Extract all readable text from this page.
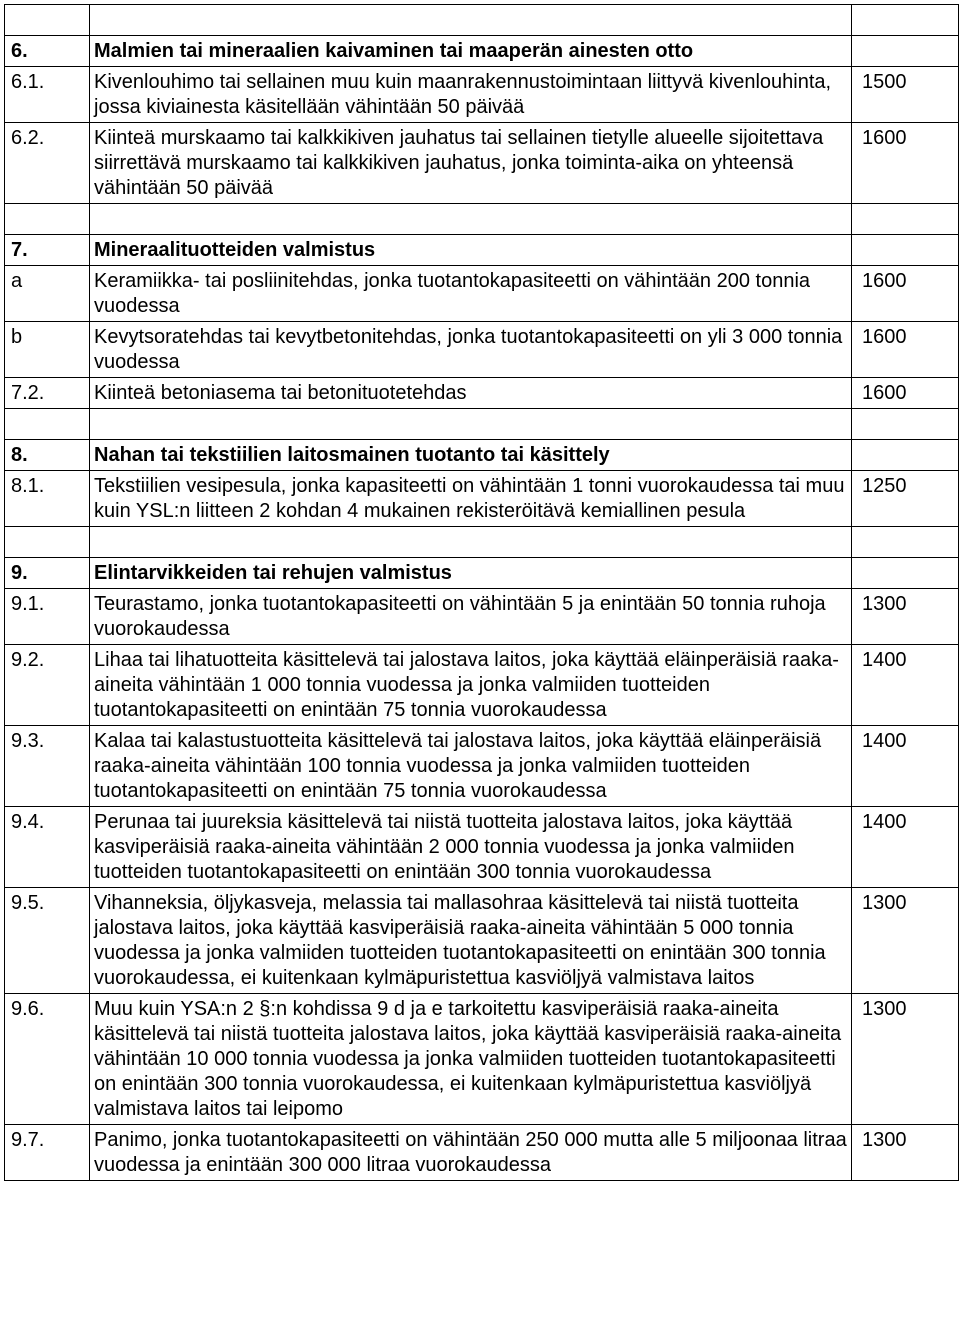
6.	Malmien tai mineraalien kaivaminen tai maaperän ainesten otto	
6.1.	Kivenlouhimo tai sellainen muu kuin maanrakennustoimintaan liittyvä kivenlouhinta, jossa kiviainesta käsitellään vähintään 50 päivää	1500
6.2.	Kiinteä murskaamo tai kalkkikiven jauhatus tai sellainen tietylle alueelle sijoitettava siirrettävä murskaamo tai kalkkikiven jauhatus, jonka toiminta-aika on yhteensä vähintään 50 päivää	1600

7.	Mineraalituotteiden valmistus	
a	Keramiikka- tai posliinitehdas, jonka tuotantokapasiteetti on vähintään 200 tonnia vuodessa	1600
b	Kevytsoratehdas tai kevytbetonitehdas, jonka tuotantokapasiteetti on yli 3 000 tonnia vuodessa	1600
7.2.	Kiinteä betoniasema tai betonituotetehdas	1600

8.	Nahan tai tekstiilien laitosmainen tuotanto tai käsittely	
8.1.	Tekstiilien vesipesula, jonka kapasiteetti on vähintään 1 tonni vuorokaudessa tai muu kuin YSL:n liitteen 2 kohdan 4 mukainen rekisteröitävä kemiallinen pesula	1250

9.	Elintarvikkeiden tai rehujen valmistus	
9.1.	Teurastamo, jonka tuotantokapasiteetti on vähintään 5 ja enintään 50 tonnia ruhoja vuorokaudessa	1300
9.2.	Lihaa tai lihatuotteita käsittelevä tai jalostava laitos, joka käyttää eläinperäisiä raaka-aineita vähintään 1 000 tonnia vuodessa ja jonka valmiiden tuotteiden tuotantokapasiteetti on enintään 75 tonnia vuorokaudessa	1400
9.3.	Kalaa tai kalastustuotteita käsittelevä tai jalostava laitos, joka käyttää eläinperäisiä raaka-aineita vähintään 100 tonnia vuodessa ja jonka valmiiden tuotteiden tuotantokapasiteetti on enintään 75 tonnia vuorokaudessa	1400
9.4.	Perunaa tai juureksia käsittelevä tai niistä tuotteita jalostava laitos, joka käyttää kasviperäisiä raaka-aineita vähintään 2 000 tonnia vuodessa ja jonka valmiiden tuotteiden tuotantokapasiteetti on enintään 300 tonnia vuorokaudessa	1400
9.5.	Vihanneksia, öljykasveja, melassia tai mallasohraa käsittelevä tai niistä tuotteita jalostava laitos, joka käyttää kasviperäisiä raaka-aineita vähintään 5 000 tonnia vuodessa ja jonka valmiiden tuotteiden tuotantokapasiteetti on enintään 300 tonnia vuorokaudessa, ei kuitenkaan kylmäpuristettua kasviöljyä valmistava laitos	1300
9.6.	Muu kuin YSA:n 2 §:n kohdissa 9 d ja e tarkoitettu kasviperäisiä raaka-aineita käsittelevä tai niistä tuotteita jalostava laitos, joka käyttää kasviperäisiä raaka-aineita vähintään 10 000 tonnia vuodessa ja jonka valmiiden tuotteiden tuotantokapasiteetti on enintään 300 tonnia vuorokaudessa, ei kuitenkaan kylmäpuristettua kasviöljyä valmistava laitos tai leipomo	1300
9.7.	Panimo, jonka tuotantokapasiteetti on vähintään 250 000 mutta alle 5 miljoonaa litraa vuodessa ja enintään 300 000 litraa vuorokaudessa	1300
